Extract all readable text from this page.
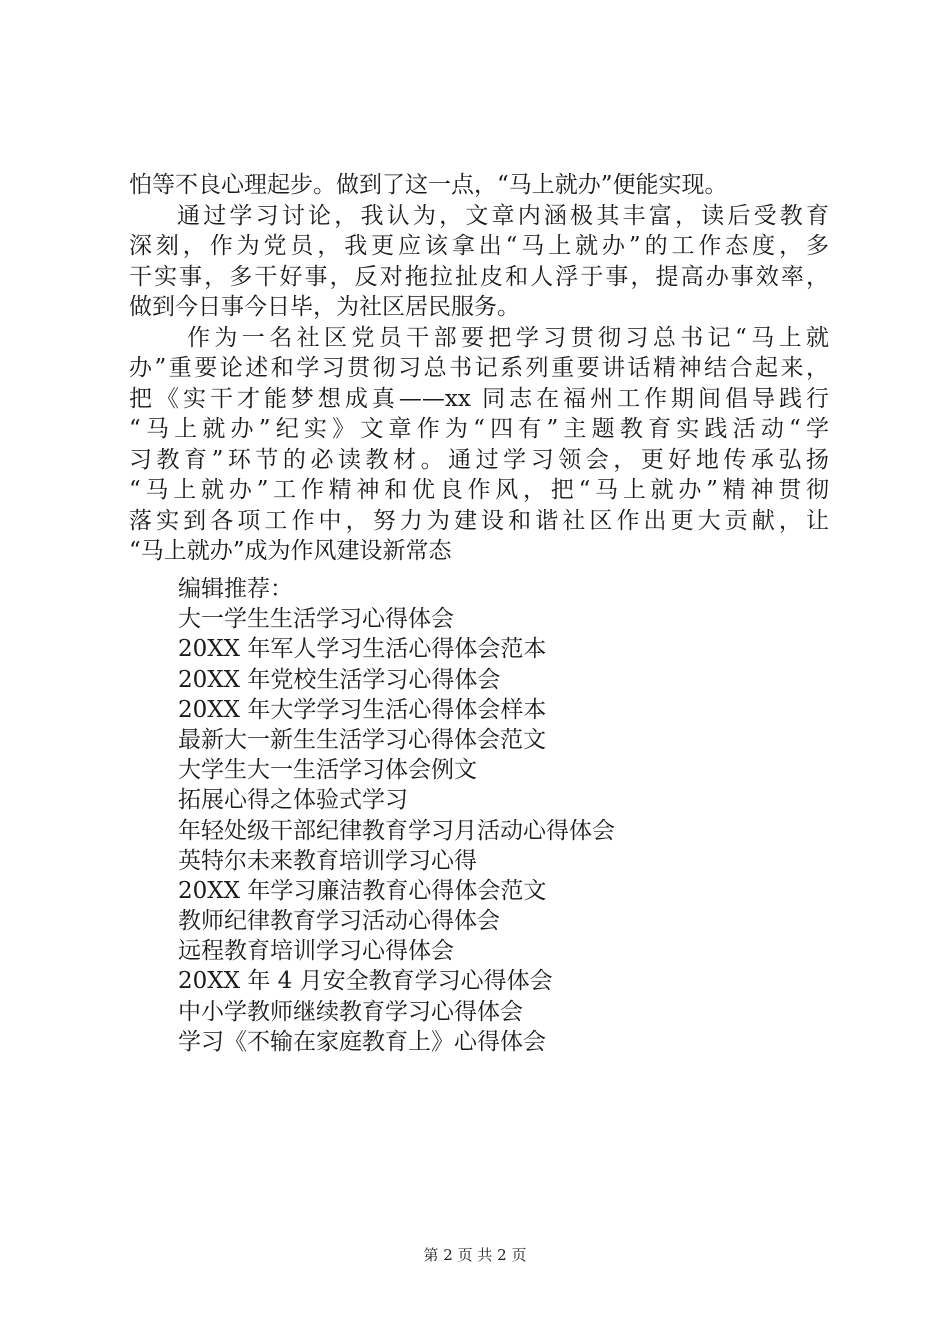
怕等不良心理起步。做到了这一点，“马上就办”便能实现。
通过学习讨论，我认为，文章内涵极其丰富，读后受教育
深刻，作为党员，我更应该拿出“马上就办”的工作态度，多
干实事，多干好事，反对拖拉扯皮和人浮于事，提高办事效率，
做到今日事今日毕，为社区居民服务。
作为一名社区党员干部要把学习贯彻习总书记“马上就
办”重要论述和学习贯彻习总书记系列重要讲话精神结合起来，
把《实干才能梦想成真——xx 同志在福州工作期间倡导践行
“马上就办”纪实》文章作为“四有”主题教育实践活动“学
习教育”环节的必读教材。通过学习领会，更好地传承弘扬
“马上就办”工作精神和优良作风，把“马上就办”精神贯彻
落实到各项工作中，努力为建设和谐社区作出更大贡献，让
“马上就办”成为作风建设新常态
编辑推荐：
大一学生生活学习心得体会
20XX 年军人学习生活心得体会范本
20XX 年党校生活学习心得体会
20XX 年大学学习生活心得体会样本
最新大一新生生活学习心得体会范文
大学生大一生活学习体会例文
拓展心得之体验式学习
年轻处级干部纪律教育学习月活动心得体会
英特尔未来教育培训学习心得
20XX 年学习廉洁教育心得体会范文
教师纪律教育学习活动心得体会
远程教育培训学习心得体会
20XX 年 4 月安全教育学习心得体会
中小学教师继续教育学习心得体会
学习《不输在家庭教育上》心得体会
第 2 页 共 2 页
